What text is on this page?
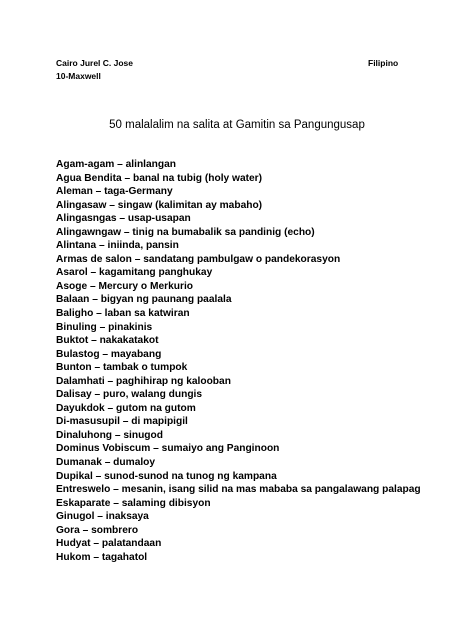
Cairo Jurel C. Jose
10-Maxwell
Filipino
50 malalalim na salita at Gamitin sa Pangungusap
Agam-agam – alinlangan
Agua Bendita – banal na tubig (holy water)
Aleman – taga-Germany
Alingasaw – singaw (kalimitan ay mabaho)
Alingasngas – usap-usapan
Alingawngaw – tinig na bumabalik sa pandinig (echo)
Alintana – iniinda, pansin
Armas de salon – sandatang pambulgaw o pandekorasyon
Asarol – kagamitang panghukay
Asoge – Mercury o Merkurio
Balaan – bigyan ng paunang paalala
Baligho – laban sa katwiran
Binuling – pinakinis
Buktot – nakakatakot
Bulastog – mayabang
Bunton – tambak o tumpok
Dalamhati – paghihirap ng kalooban
Dalisay – puro, walang dungis
Dayukdok – gutom na gutom
Di-masusupil – di mapipigil
Dinaluhong – sinugod
Dominus Vobiscum – sumaiyo ang Panginoon
Dumanak – dumaloy
Dupikal – sunod-sunod na tunog ng kampana
Entreswelo – mesanin, isang silid na mas mababa sa pangalawang palapag
Eskaparate – salaming dibisyon
Ginugol – inaksaya
Gora – sombrero
Hudyat – palatandaan
Hukom – tagahatol
